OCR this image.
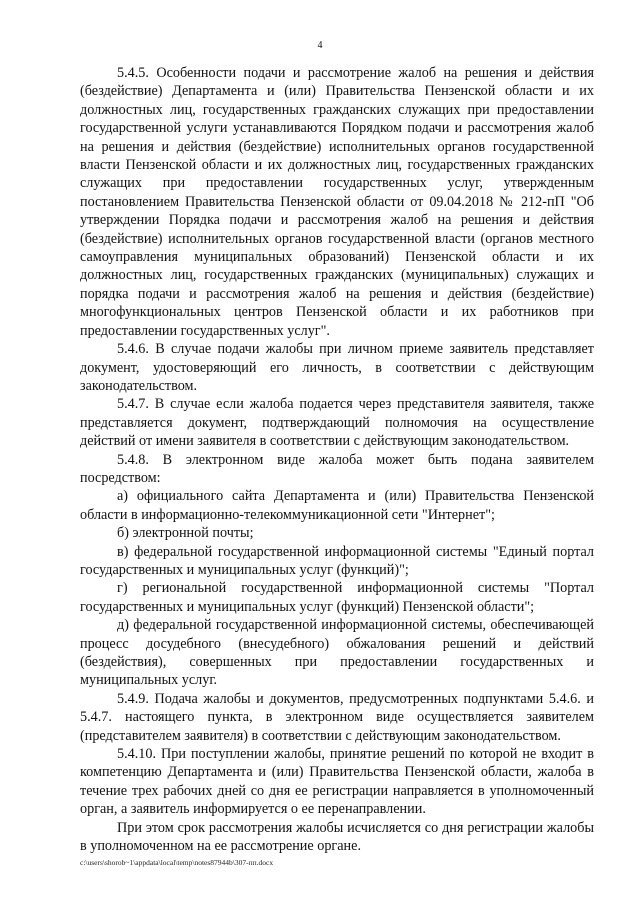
4

5.4.5. Особенности подачи и рассмотрение жалоб на решения и действия (бездействие) Департамента и (или) Правительства Пензенской области и их должностных лиц, государственных гражданских служащих при предоставлении государственной услуги устанавливаются Порядком подачи и рассмотрения жалоб на решения и действия (бездействие) исполнительных органов государственной власти Пензенской области и их должностных лиц, государственных гражданских служащих при предоставлении государственных услуг, утвержденным постановлением Правительства Пензенской области от 09.04.2018 № 212-пП "Об утверждении Порядка подачи и рассмотрения жалоб на решения и действия (бездействие) исполнительных органов государственной власти (органов местного самоуправления муниципальных образований) Пензенской области и их должностных лиц, государственных гражданских (муниципальных) служащих и порядка подачи и рассмотрения жалоб на решения и действия (бездействие) многофункциональных центров Пензенской области и их работников при предоставлении государственных услуг".

5.4.6. В случае подачи жалобы при личном приеме заявитель представляет документ, удостоверяющий его личность, в соответствии с действующим законодательством.

5.4.7. В случае если жалоба подается через представителя заявителя, также представляется документ, подтверждающий полномочия на осуществление действий от имени заявителя в соответствии с действующим законодательством.

5.4.8. В электронном виде жалоба может быть подана заявителем посредством:

а) официального сайта Департамента и (или) Правительства Пензенской области в информационно-телекоммуникационной сети "Интернет";

б) электронной почты;

в) федеральной государственной информационной системы "Единый портал государственных и муниципальных услуг (функций)";

г) региональной государственной информационной системы "Портал государственных и муниципальных услуг (функций) Пензенской области";

д) федеральной государственной информационной системы, обеспечивающей процесс досудебного (внесудебного) обжалования решений и действий (бездействия), совершенных при предоставлении государственных и муниципальных услуг.

5.4.9. Подача жалобы и документов, предусмотренных подпунктами 5.4.6. и 5.4.7. настоящего пункта, в электронном виде осуществляется заявителем (представителем заявителя) в соответствии с действующим законодательством.

5.4.10. При поступлении жалобы, принятие решений по которой не входит в компетенцию Департамента и (или) Правительства Пензенской области, жалоба в течение трех рабочих дней со дня ее регистрации направляется в уполномоченный орган, а заявитель информируется о ее перенаправлении.

При этом срок рассмотрения жалобы исчисляется со дня регистрации жалобы в уполномоченном на ее рассмотрение органе.

c:\users\shorob~1\appdata\local\temp\notes87944b\307-пп.docx
